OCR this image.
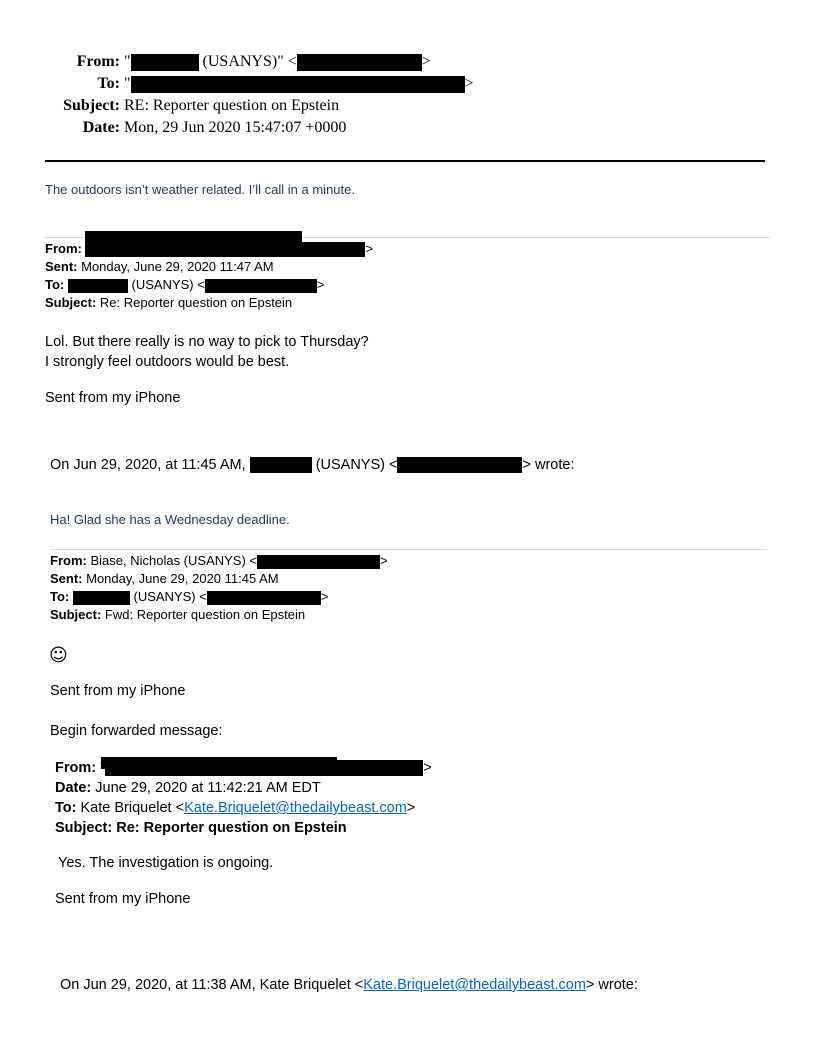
From: "	(USANYS)" <	>
To: "	>
Subject: RE: Reporter question on Epstein
Date: Mon, 29 Jun 2020 15:47:07 +0000
The outdoors isn’t weather related. I’ll call in a minute.
From:	>
Sent: Monday, June 29, 2020 11:47 AM
To:	(USANYS) <	>
Subject: Re: Reporter question on Epstein
Lol. But there really is no way to pick to Thursday?
I strongly feel outdoors would be best.
Sent from my iPhone
On Jun 29, 2020, at 11:45 AM,	(USANYS) <	> wrote:
Ha! Glad she has a Wednesday deadline.
From: Biase, Nicholas (USANYS) <	>
Sent: Monday, June 29, 2020 11:45 AM
To:	(USANYS) <	>
Subject: Fwd: Reporter question on Epstein
☺
Sent from my iPhone
Begin forwarded message:
From: "	>
Date: June 29, 2020 at 11:42:21 AM EDT
To: Kate Briquelet <Kate.Briquelet@thedailybeast.com>
Subject: Re: Reporter question on Epstein
Yes. The investigation is ongoing.
Sent from my iPhone
On Jun 29, 2020, at 11:38 AM, Kate Briquelet <Kate.Briquelet@thedailybeast.com> wrote:
